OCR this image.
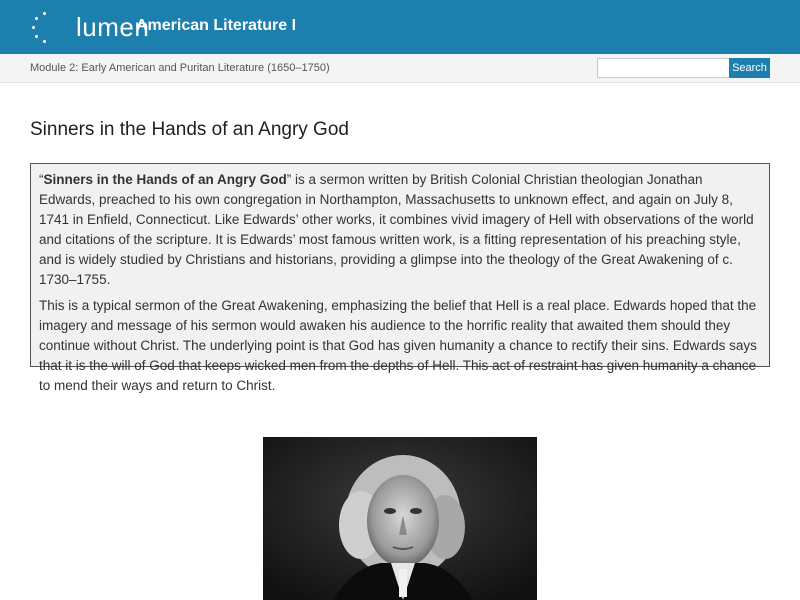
lumen
American Literature I
Module 2: Early American and Puritan Literature (1650–1750)	Search
Sinners in the Hands of an Angry God

“Sinners in the Hands of an Angry God” is a sermon written by British Colonial Christian theologian Jonathan Edwards, preached to his own congregation in Northampton, Massachusetts to unknown effect, and again on July 8, 1741 in Enfield, Connecticut. Like Edwards’ other works, it combines vivid imagery of Hell with observations of the world and citations of the scripture. It is Edwards’ most famous written work, is a fitting representation of his preaching style, and is widely studied by Christians and historians, providing a glimpse into the theology of the Great Awakening of c. 1730–1755.

This is a typical sermon of the Great Awakening, emphasizing the belief that Hell is a real place. Edwards hoped that the imagery and message of his sermon would awaken his audience to the horrific reality that awaited them should they continue without Christ. The underlying point is that God has given humanity a chance to rectify their sins. Edwards says that it is the will of God that keeps wicked men from the depths of Hell. This act of restraint has given humanity a chance to mend their ways and return to Christ.
